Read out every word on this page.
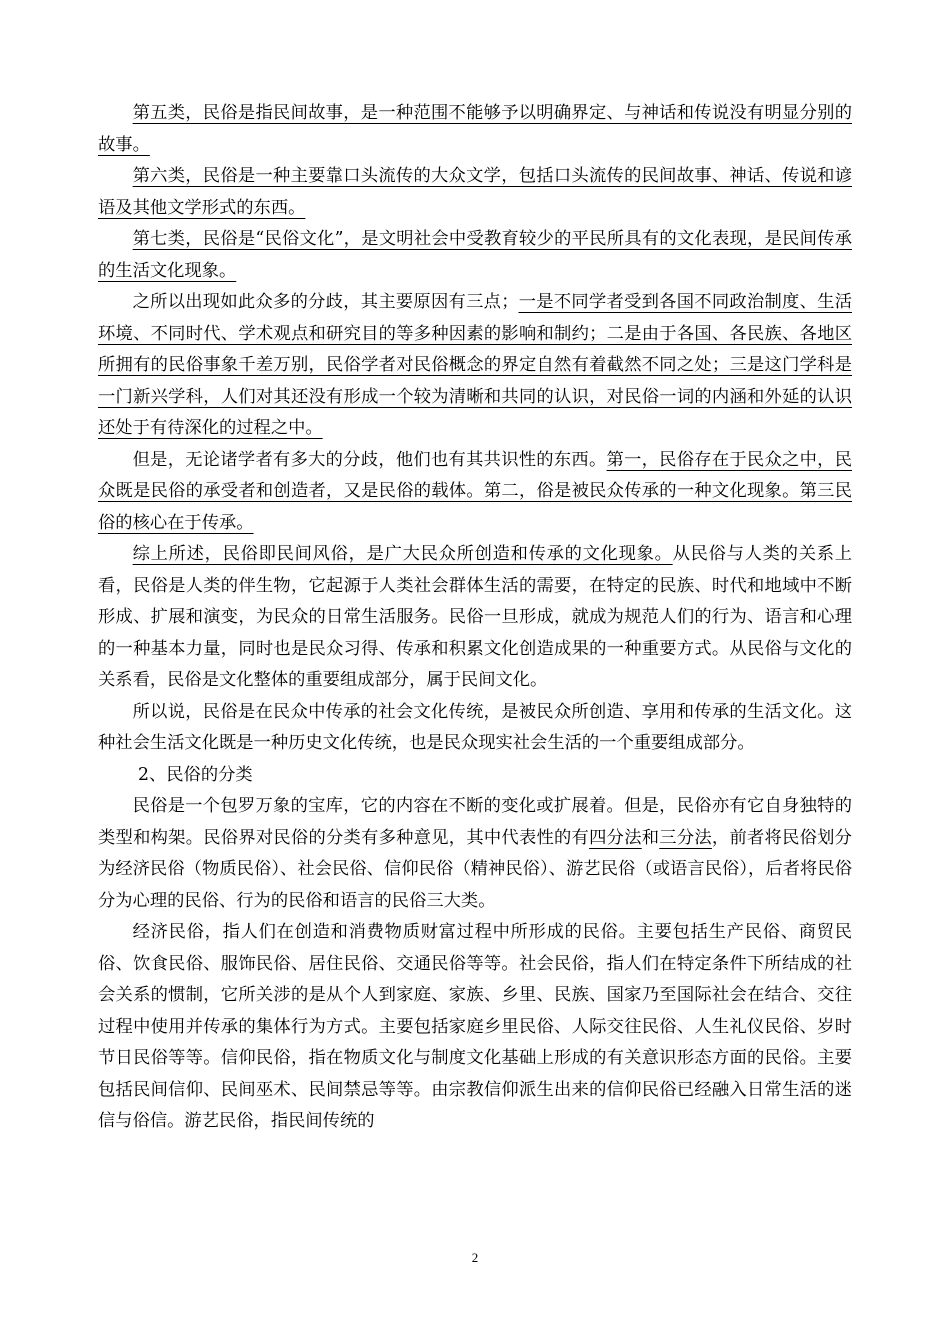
第五类，民俗是指民间故事，是一种范围不能够予以明确界定、与神话和传说没有明显分别的故事。

第六类，民俗是一种主要靠口头流传的大众文学，包括口头流传的民间故事、神话、传说和谚语及其他文学形式的东西。

第七类，民俗是“民俗文化”，是文明社会中受教育较少的平民所具有的文化表现，是民间传承的生活文化现象。

之所以出现如此众多的分歧，其主要原因有三点；一是不同学者受到各国不同政治制度、生活环境、不同时代、学术观点和研究目的等多种因素的影响和制约；二是由于各国、各民族、各地区所拥有的民俗事象千差万别，民俗学者对民俗概念的界定自然有着截然不同之处；三是这门学科是一门新兴学科，人们对其还没有形成一个较为清晰和共同的认识，对民俗一词的内涵和外延的认识还处于有待深化的过程之中。

但是，无论诸学者有多大的分歧，他们也有其共识性的东西。第一，民俗存在于民众之中，民众既是民俗的承受者和创造者，又是民俗的载体。第二，俗是被民众传承的一种文化现象。第三民俗的核心在于传承。

综上所述，民俗即民间风俗，是广大民众所创造和传承的文化现象。从民俗与人类的关系上看，民俗是人类的伴生物，它起源于人类社会群体生活的需要，在特定的民族、时代和地域中不断形成、扩展和演变，为民众的日常生活服务。民俗一旦形成，就成为规范人们的行为、语言和心理的一种基本力量，同时也是民众习得、传承和积累文化创造成果的一种重要方式。从民俗与文化的关系看，民俗是文化整体的重要组成部分，属于民间文化。

所以说，民俗是在民众中传承的社会文化传统，是被民众所创造、享用和传承的生活文化。这种社会生活文化既是一种历史文化传统，也是民众现实社会生活的一个重要组成部分。

2、民俗的分类

民俗是一个包罗万象的宝库，它的内容在不断的变化或扩展着。但是，民俗亦有它自身独特的类型和构架。民俗界对民俗的分类有多种意见，其中代表性的有四分法和三分法，前者将民俗划分为经济民俗（物质民俗）、社会民俗、信仰民俗（精神民俗）、游艺民俗（或语言民俗），后者将民俗分为心理的民俗、行为的民俗和语言的民俗三大类。

经济民俗，指人们在创造和消费物质财富过程中所形成的民俗。主要包括生产民俗、商贸民俗、饮食民俗、服饰民俗、居住民俗、交通民俗等等。社会民俗，指人们在特定条件下所结成的社会关系的惯制，它所关涉的是从个人到家庭、家族、乡里、民族、国家乃至国际社会在结合、交往过程中使用并传承的集体行为方式。主要包括家庭乡里民俗、人际交往民俗、人生礼仪民俗、岁时节日民俗等等。信仰民俗，指在物质文化与制度文化基础上形成的有关意识形态方面的民俗。主要包括民间信仰、民间巫术、民间禁忌等等。由宗教信仰派生出来的信仰民俗已经融入日常生活的迷信与俗信。游艺民俗，指民间传统的

2
